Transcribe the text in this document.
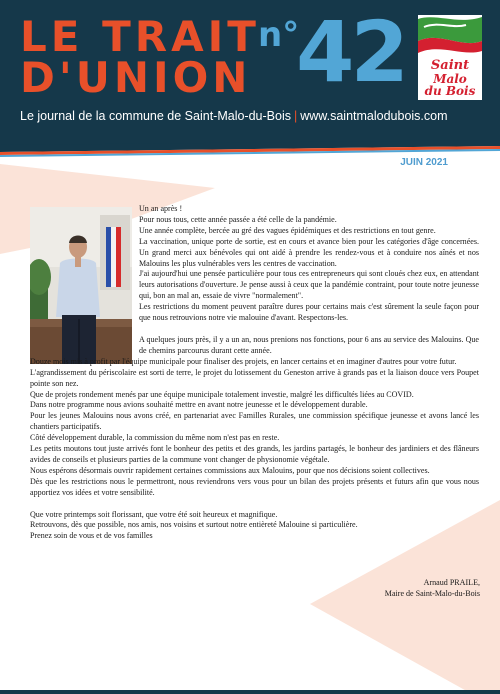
LE TRAIT
D'UNION
n°
42
Le journal de la commune de Saint-Malo-du-Bois | www.saintmalodubois.com
Saint
Malo
du Bois
JUIN 2021

Un an après !

Pour nous tous, cette année passée a été celle de la pandémie.

Une année complète, bercée au gré des vagues épidémiques et des restrictions en tout genre.

La vaccination, unique porte de sortie, est en cours et avance bien pour les catégories d'âge concernées. Un grand merci aux bénévoles qui ont aidé à prendre les rendez-vous et à conduire nos aînés et nos Malouins les plus vulnérables vers les centres de vaccination.

J'ai aujourd'hui une pensée particulière pour tous ces entrepreneurs qui sont cloués chez eux, en attendant leurs autorisations d'ouverture. Je pense aussi à ceux que la pandémie contraint, pour toute notre jeunesse qui, bon an mal an, essaie de vivre "normalement".

Les restrictions du moment peuvent paraître dures pour certains mais c'est sûrement la seule façon pour que nous retrouvions notre vie malouine d'avant. Respectons-les.

A quelques jours près, il y a un an, nous prenions nos fonctions, pour 6 ans au service des Malouins. Que de chemins parcourus durant cette année.

Douze mois mis à profit par l'équipe municipale pour finaliser des projets, en lancer certains et en imaginer d'autres pour votre futur.

L'agrandissement du périscolaire est sorti de terre, le projet du lotissement du Geneston arrive à grands pas et la liaison douce vers Poupet pointe son nez.

Que de projets rondement menés par une équipe municipale totalement investie, malgré les difficultés liées au COVID.

Dans notre programme nous avions souhaité mettre en avant notre jeunesse et le développement durable.

Pour les jeunes Malouins nous avons créé, en partenariat avec Familles Rurales, une commission spécifique jeunesse et avons lancé les chantiers participatifs.

Côté développement durable, la commission du même nom n'est pas en reste.

Les petits moutons tout juste arrivés font le bonheur des petits et des grands, les jardins partagés, le bonheur des jardiniers et des flâneurs avides de conseils et plusieurs parties de la commune vont changer de physionomie végétale.

Nous espérons désormais ouvrir rapidement certaines commissions aux Malouins, pour que nos décisions soient collectives.

Dès que les restrictions nous le permettront, nous reviendrons vers vous pour un bilan des projets présents et futurs afin que vous nous apportiez vos idées et votre sensibilité.

Que votre printemps soit florissant, que votre été soit heureux et magnifique.

Retrouvons, dès que possible, nos amis, nos voisins et surtout notre entièreté Malouine si particulière.

Prenez soin de vous et de vos familles

Arnaud PRAILE,
Maire de Saint-Malo-du-Bois
